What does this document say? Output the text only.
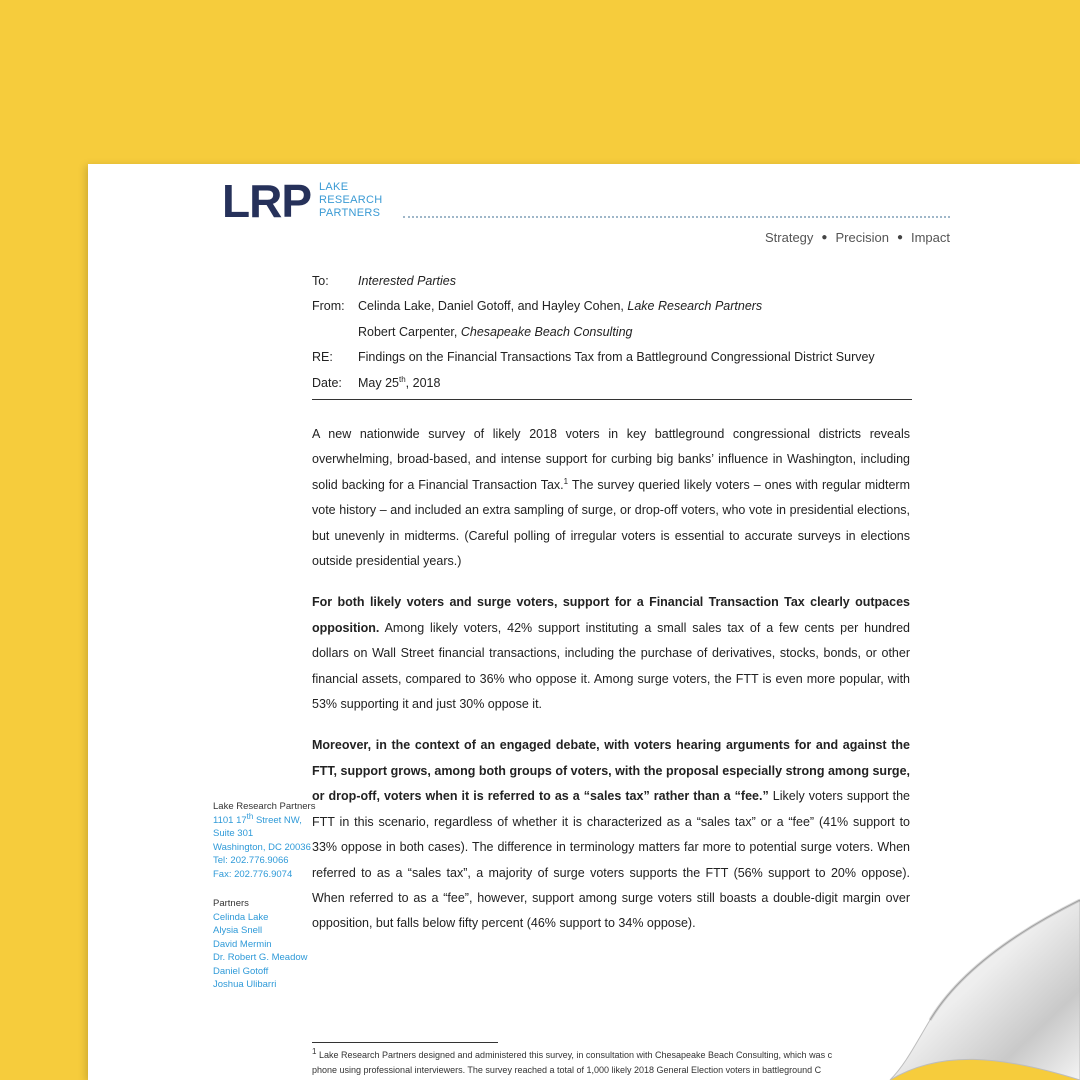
LRP LAKE
RESEARCH
PARTNERS
Strategy ● Precision ● Impact
To:	Interested Parties
From:	Celinda Lake, Daniel Gotoff, and Hayley Cohen, Lake Research Partners
Robert Carpenter, Chesapeake Beach Consulting
RE:	Findings on the Financial Transactions Tax from a Battleground Congressional District Survey
Date:	May 25th, 2018

A new nationwide survey of likely 2018 voters in key battleground congressional districts reveals overwhelming, broad-based, and intense support for curbing big banks’ influence in Washington, including solid backing for a Financial Transaction Tax.$^1$ The survey queried likely voters – ones with regular midterm vote history – and included an extra sampling of surge, or drop-off voters, who vote in presidential elections, but unevenly in midterms. (Careful polling of irregular voters is essential to accurate surveys in elections outside presidential years.)

For both likely voters and surge voters, support for a Financial Transaction Tax clearly outpaces opposition. Among likely voters, 42% support instituting a small sales tax of a few cents per hundred dollars on Wall Street financial transactions, including the purchase of derivatives, stocks, bonds, or other financial assets, compared to 36% who oppose it. Among surge voters, the FTT is even more popular, with 53% supporting it and just 30% oppose it.

Moreover, in the context of an engaged debate, with voters hearing arguments for and against the FTT, support grows, among both groups of voters, with the proposal especially strong among surge, or drop-off, voters when it is referred to as a “sales tax” rather than a “fee.” Likely voters support the FTT in this scenario, regardless of whether it is characterized as a “sales tax” or a “fee” (41% support to 33% oppose in both cases). The difference in terminology matters far more to potential surge voters. When referred to as a “sales tax”, a majority of surge voters supports the FTT (56% support to 20% oppose). When referred to as a “fee”, however, support among surge voters still boasts a double-digit margin over opposition, but falls below fifty percent (46% support to 34% oppose).

Lake Research Partners
1101 17th Street NW,
Suite 301
Washington, DC 20036
Tel: 202.776.9066
Fax: 202.776.9074
Partners
Celinda Lake
Alysia Snell
David Mermin
Dr. Robert G. Meadow
Daniel Gotoff
Joshua Ulibarri
$^1$ Lake Research Partners designed and administered this survey, in consultation with Chesapeake Beach Consulting, which was c
phone using professional interviewers. The survey reached a total of 1,000 likely 2018 General Election voters in battleground C
